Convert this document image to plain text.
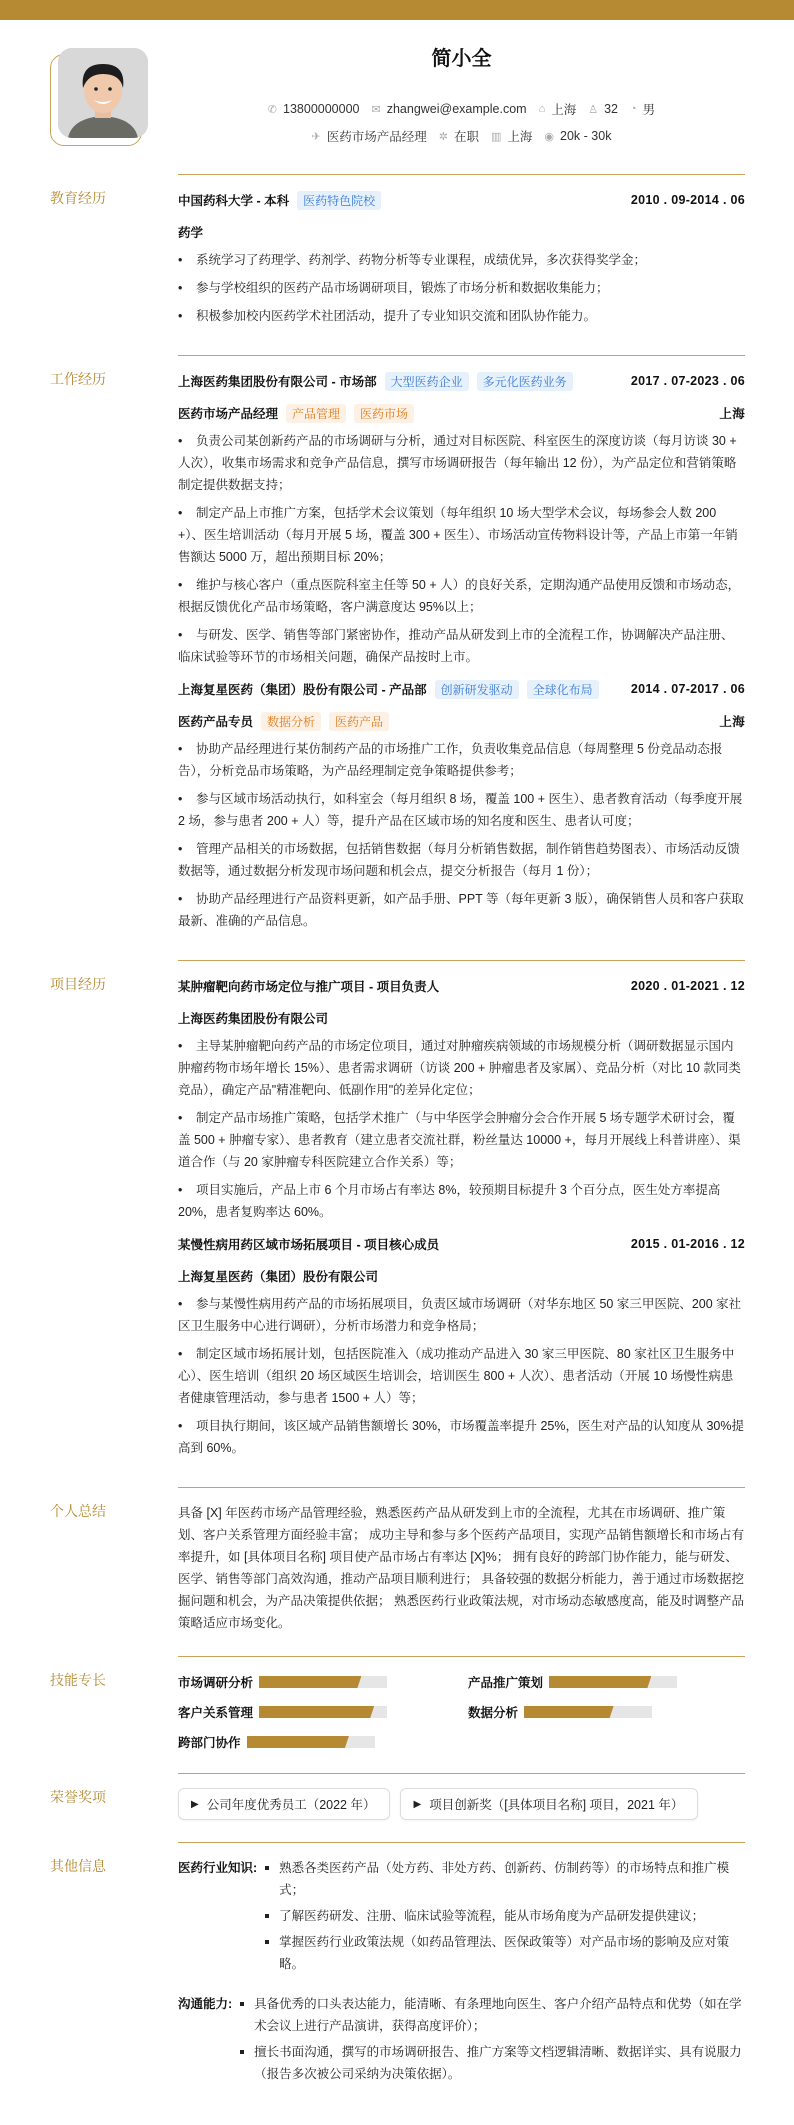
简小全
✆ 13800000000 ✉ zhangwei@example.com ⌂ 上海 ♙ 32 ◔ 男
✈ 医药市场产品经理 ✲ 在职 ▥ 上海 ◉ 20k - 30k
教育经历	中国药科大学 - 本科	医药特色院校	2010 . 09-2014 . 06
药学
• 系统学习了药理学、药剂学、药物分析等专业课程，成绩优异，多次获得奖学金；
• 参与学校组织的医药产品市场调研项目，锻炼了市场分析和数据收集能力；
• 积极参加校内医药学术社团活动，提升了专业知识交流和团队协作能力。
工作经历	上海医药集团股份有限公司 - 市场部	大型医药企业	多元化医药业务	2017 . 07-2023 . 06
医药市场产品经理	产品管理	医药市场	上海
• 负责公司某创新药产品的市场调研与分析，通过对目标医院、科室医生的深度访谈（每月访谈 30 + 人次），收集市场需求和竞争产品信息，撰写市场调研报告（每年输出 12 份），为产品定位和营销策略制定提供数据支持；
• 制定产品上市推广方案，包括学术会议策划（每年组织 10 场大型学术会议，每场参会人数 200 +）、医生培训活动（每月开展 5 场，覆盖 300 + 医生）、市场活动宣传物料设计等，产品上市第一年销售额达 5000 万，超出预期目标 20%；
• 维护与核心客户（重点医院科室主任等 50 + 人）的良好关系，定期沟通产品使用反馈和市场动态，根据反馈优化产品市场策略，客户满意度达 95%以上；
• 与研发、医学、销售等部门紧密协作，推动产品从研发到上市的全流程工作，协调解决产品注册、临床试验等环节的市场相关问题，确保产品按时上市。
上海复星医药（集团）股份有限公司 - 产品部	创新研发驱动	全球化布局	2014 . 07-2017 . 06
医药产品专员	数据分析	医药产品	上海
• 协助产品经理进行某仿制药产品的市场推广工作，负责收集竞品信息（每周整理 5 份竞品动态报告），分析竞品市场策略，为产品经理制定竞争策略提供参考；
• 参与区域市场活动执行，如科室会（每月组织 8 场，覆盖 100 + 医生）、患者教育活动（每季度开展 2 场，参与患者 200 + 人）等，提升产品在区域市场的知名度和医生、患者认可度；
• 管理产品相关的市场数据，包括销售数据（每月分析销售数据，制作销售趋势图表）、市场活动反馈数据等，通过数据分析发现市场问题和机会点，提交分析报告（每月 1 份）；
• 协助产品经理进行产品资料更新，如产品手册、PPT 等（每年更新 3 版），确保销售人员和客户获取最新、准确的产品信息。
项目经历	某肿瘤靶向药市场定位与推广项目 - 项目负责人	2020 . 01-2021 . 12
上海医药集团股份有限公司
• 主导某肿瘤靶向药产品的市场定位项目，通过对肿瘤疾病领域的市场规模分析（调研数据显示国内肿瘤药物市场年增长 15%）、患者需求调研（访谈 200 + 肿瘤患者及家属）、竞品分析（对比 10 款同类竞品），确定产品"精准靶向、低副作用"的差异化定位；
• 制定产品市场推广策略，包括学术推广（与中华医学会肿瘤分会合作开展 5 场专题学术研讨会，覆盖 500 + 肿瘤专家）、患者教育（建立患者交流社群，粉丝量达 10000 +，每月开展线上科普讲座）、渠道合作（与 20 家肿瘤专科医院建立合作关系）等；
• 项目实施后，产品上市 6 个月市场占有率达 8%，较预期目标提升 3 个百分点，医生处方率提高 20%，患者复购率达 60%。
某慢性病用药区域市场拓展项目 - 项目核心成员	2015 . 01-2016 . 12
上海复星医药（集团）股份有限公司
• 参与某慢性病用药产品的市场拓展项目，负责区域市场调研（对华东地区 50 家三甲医院、200 家社区卫生服务中心进行调研），分析市场潜力和竞争格局；
• 制定区域市场拓展计划，包括医院准入（成功推动产品进入 30 家三甲医院、80 家社区卫生服务中心）、医生培训（组织 20 场区域医生培训会，培训医生 800 + 人次）、患者活动（开展 10 场慢性病患者健康管理活动，参与患者 1500 + 人）等；
• 项目执行期间，该区域产品销售额增长 30%，市场覆盖率提升 25%，医生对产品的认知度从 30%提高到 60%。
个人总结	具备 [X] 年医药市场产品管理经验，熟悉医药产品从研发到上市的全流程，尤其在市场调研、推广策划、客户关系管理方面经验丰富； 成功主导和参与多个医药产品项目，实现产品销售额增长和市场占有率提升，如 [具体项目名称] 项目使产品市场占有率达 [X]%； 拥有良好的跨部门协作能力，能与研发、医学、销售等部门高效沟通，推动产品项目顺利进行； 具备较强的数据分析能力，善于通过市场数据挖掘问题和机会，为产品决策提供依据； 熟悉医药行业政策法规，对市场动态敏感度高，能及时调整产品策略适应市场变化。
技能专长	市场调研分析	产品推广策划
客户关系管理	数据分析
跨部门协作
荣誉奖项	▶ 公司年度优秀员工（2022 年）	▶ 项目创新奖（[具体项目名称] 项目，2021 年）
其他信息	医药行业知识:	熟悉各类医药产品（处方药、非处方药、创新药、仿制药等）的市场特点和推广模式；
了解医药研发、注册、临床试验等流程，能从市场角度为产品研发提供建议；
掌握医药行业政策法规（如药品管理法、医保政策等）对产品市场的影响及应对策略。
沟通能力:	具备优秀的口头表达能力，能清晰、有条理地向医生、客户介绍产品特点和优势（如在学术会议上进行产品演讲，获得高度评价）；
擅长书面沟通，撰写的市场调研报告、推广方案等文档逻辑清晰、数据详实、具有说服力（报告多次被公司采纳为决策依据）。
